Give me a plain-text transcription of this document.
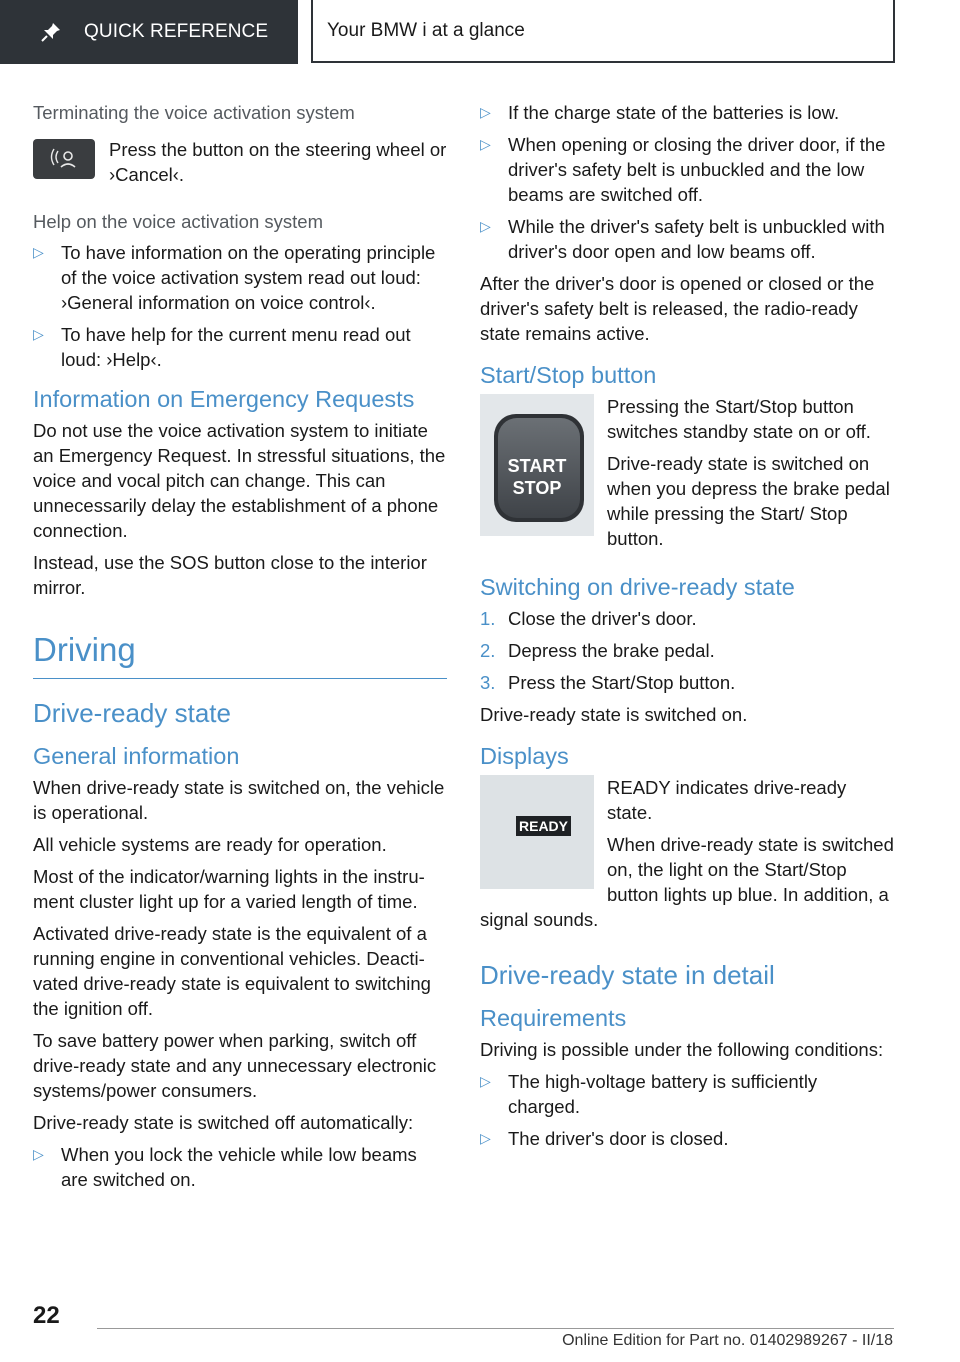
QUICK REFERENCE	Your BMW i at a glance
Terminating the voice activation system
Press the button on the steering wheel or ›Cancel‹.
Help on the voice activation system
▷ To have information on the operating principle of the voice activation system read out loud: ›General information on voice control‹.
▷ To have help for the current menu read out loud: ›Help‹.
Information on Emergency Requests

Do not use the voice activation system to initiate an Emergency Request. In stressful situations, the voice and vocal pitch can change. This can unnecessarily delay the establishment of a phone connection.

Instead, use the SOS button close to the interior mirror.

Driving
Drive-ready state
General information

When drive-ready state is switched on, the vehicle is operational.

All vehicle systems are ready for operation.

Most of the indicator/warning lights in the instrument cluster light up for a varied length of time.

Activated drive-ready state is the equivalent of a running engine in conventional vehicles. Deactivated drive-ready state is equivalent to switching the ignition off.

To save battery power when parking, switch off drive-ready state and any unnecessary electronic systems/power consumers.

Drive-ready state is switched off automatically:

▷ When you lock the vehicle while low beams are switched on.
▷ If the charge state of the batteries is low.
▷ When opening or closing the driver door, if the driver's safety belt is unbuckled and the low beams are switched off.
▷ While the driver's safety belt is unbuckled with driver's door open and low beams off.

After the driver's door is opened or closed or the driver's safety belt is released, the radio-ready state remains active.

Start/Stop button
START
STOP

Pressing the Start/Stop button switches standby state on or off.

Drive-ready state is switched on when you depress the brake pedal while pressing the Start/ Stop button.

Switching on drive-ready state
1. Close the driver's door.
2. Depress the brake pedal.
3. Press the Start/Stop button.

Drive-ready state is switched on.

Displays
READY

READY indicates drive-ready state.

When drive-ready state is switched on, the light on the Start/Stop button lights up blue. In addition, a signal sounds.

Drive-ready state in detail
Requirements

Driving is possible under the following conditions:

▷ The high-voltage battery is sufficiently charged.
▷ The driver's door is closed.
22
Online Edition for Part no. 01402989267 - II/18
